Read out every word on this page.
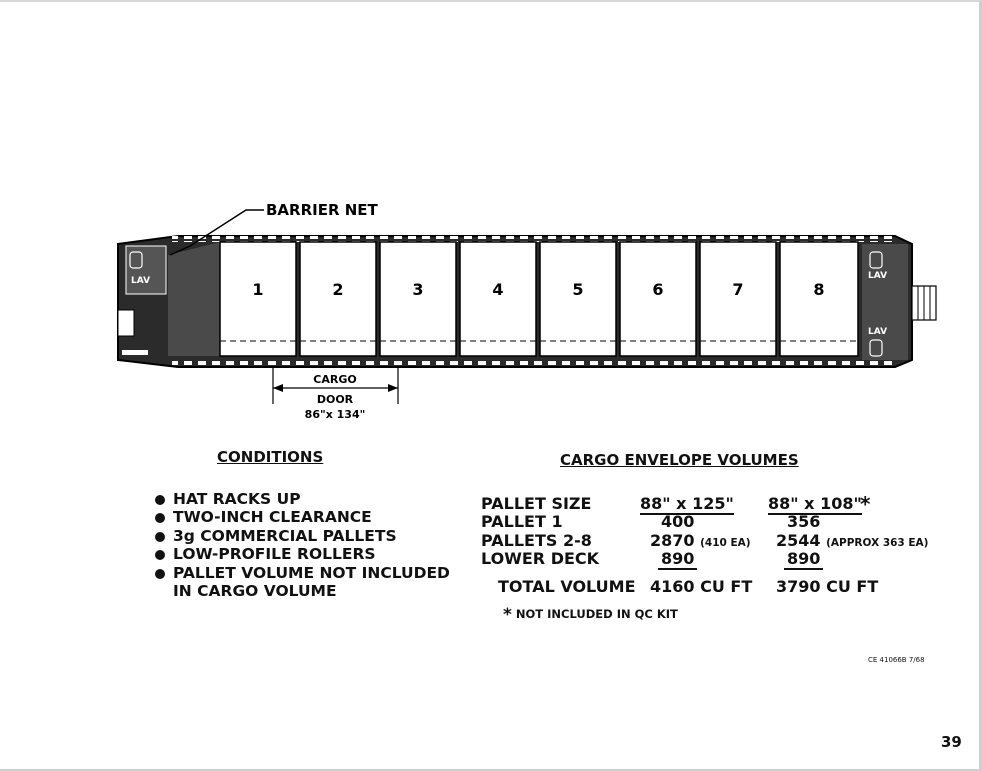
LAV	LAV
LAV
1	2	3	4	5	6	7	8
BARRIER NET
CARGO
DOOR
86"x 134"
CONDITIONS
HAT RACKS UP
TWO-INCH CLEARANCE
3g COMMERCIAL PALLETS
LOW-PROFILE ROLLERS
PALLET VOLUME NOT INCLUDED
IN CARGO VOLUME
CARGO ENVELOPE VOLUMES
PALLET SIZE	88" x 125" 88" x 108"
*
PALLET 1	400	356
PALLETS 2-8	2870 (410 EA) 2544 (APPROX 363 EA)
LOWER DECK	890	890
TOTAL VOLUME 4160 CU FT 3790 CU FT
* NOT INCLUDED IN QC KIT
CE 41066B 7/68
39
